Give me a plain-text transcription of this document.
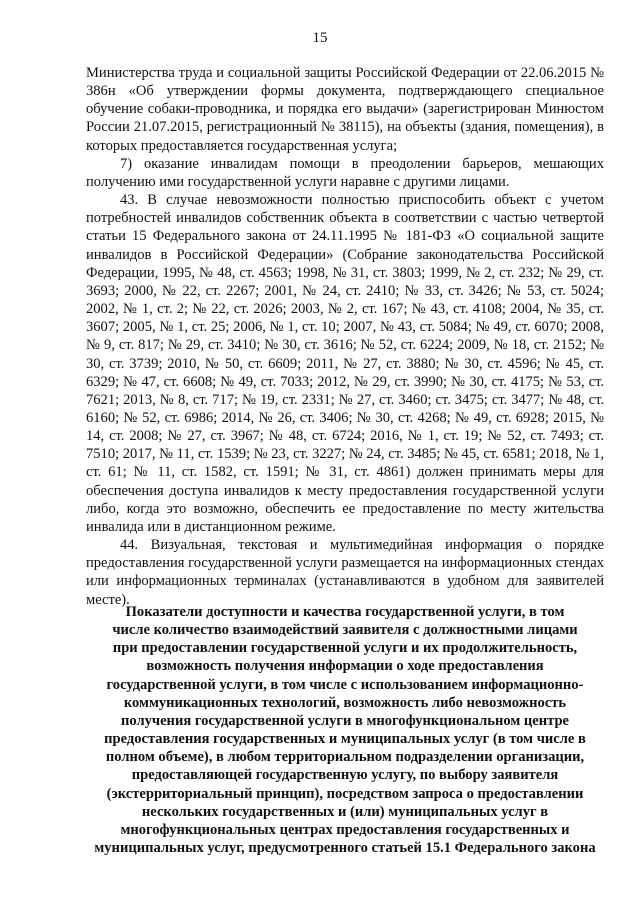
15

Министерства труда и социальной защиты Российской Федерации от 22.06.2015 № 386н «Об утверждении формы документа, подтверждающего специальное обучение собаки-проводника, и порядка его выдачи» (зарегистрирован Минюстом России 21.07.2015, регистрационный № 38115), на объекты (здания, помещения), в которых предоставляется государственная услуга;

7) оказание инвалидам помощи в преодолении барьеров, мешающих получению ими государственной услуги наравне с другими лицами.

43. В случае невозможности полностью приспособить объект с учетом потребностей инвалидов собственник объекта в соответствии с частью четвертой статьи 15 Федерального закона от 24.11.1995 № 181-ФЗ «О социальной защите инвалидов в Российской Федерации» (Собрание законодательства Российской Федерации, 1995, № 48, ст. 4563; 1998, № 31, ст. 3803; 1999, № 2, ст. 232; № 29, ст. 3693; 2000, № 22, ст. 2267; 2001, № 24, ст. 2410; № 33, ст. 3426; № 53, ст. 5024; 2002, № 1, ст. 2; № 22, ст. 2026; 2003, № 2, ст. 167; № 43, ст. 4108; 2004, № 35, ст. 3607; 2005, № 1, ст. 25; 2006, № 1, ст. 10; 2007, № 43, ст. 5084; № 49, ст. 6070; 2008, № 9, ст. 817; № 29, ст. 3410; № 30, ст. 3616; № 52, ст. 6224; 2009, № 18, ст. 2152; № 30, ст. 3739; 2010, № 50, ст. 6609; 2011, № 27, ст. 3880; № 30, ст. 4596; № 45, ст. 6329; № 47, ст. 6608; № 49, ст. 7033; 2012, № 29, ст. 3990; № 30, ст. 4175; № 53, ст. 7621; 2013, № 8, ст. 717; № 19, ст. 2331; № 27, ст. 3460; ст. 3475; ст. 3477; № 48, ст. 6160; № 52, ст. 6986; 2014, № 26, ст. 3406; № 30, ст. 4268; № 49, ст. 6928; 2015, № 14, ст. 2008; № 27, ст. 3967; № 48, ст. 6724; 2016, № 1, ст. 19; № 52, ст. 7493; ст. 7510; 2017, № 11, ст. 1539; № 23, ст. 3227; № 24, ст. 3485; № 45, ст. 6581; 2018, № 1, ст. 61; № 11, ст. 1582, ст. 1591; № 31, ст. 4861) должен принимать меры для обеспечения доступа инвалидов к месту предоставления государственной услуги либо, когда это возможно, обеспечить ее предоставление по месту жительства инвалида или в дистанционном режиме.

44. Визуальная, текстовая и мультимедийная информация о порядке предоставления государственной услуги размещается на информационных стендах или информационных терминалах (устанавливаются в удобном для заявителей месте).

Показатели доступности и качества государственной услуги, в том
числе количество взаимодействий заявителя с должностными лицами
при предоставлении государственной услуги и их продолжительность,
возможность получения информации о ходе предоставления
государственной услуги, в том числе с использованием информационно-
коммуникационных технологий, возможность либо невозможность
получения государственной услуги в многофункциональном центре
предоставления государственных и муниципальных услуг (в том числе в
полном объеме), в любом территориальном подразделении организации,
предоставляющей государственную услугу, по выбору заявителя
(экстерриториальный принцип), посредством запроса о предоставлении
нескольких государственных и (или) муниципальных услуг в
многофункциональных центрах предоставления государственных и
муниципальных услуг, предусмотренного статьей 15.1 Федерального закона
